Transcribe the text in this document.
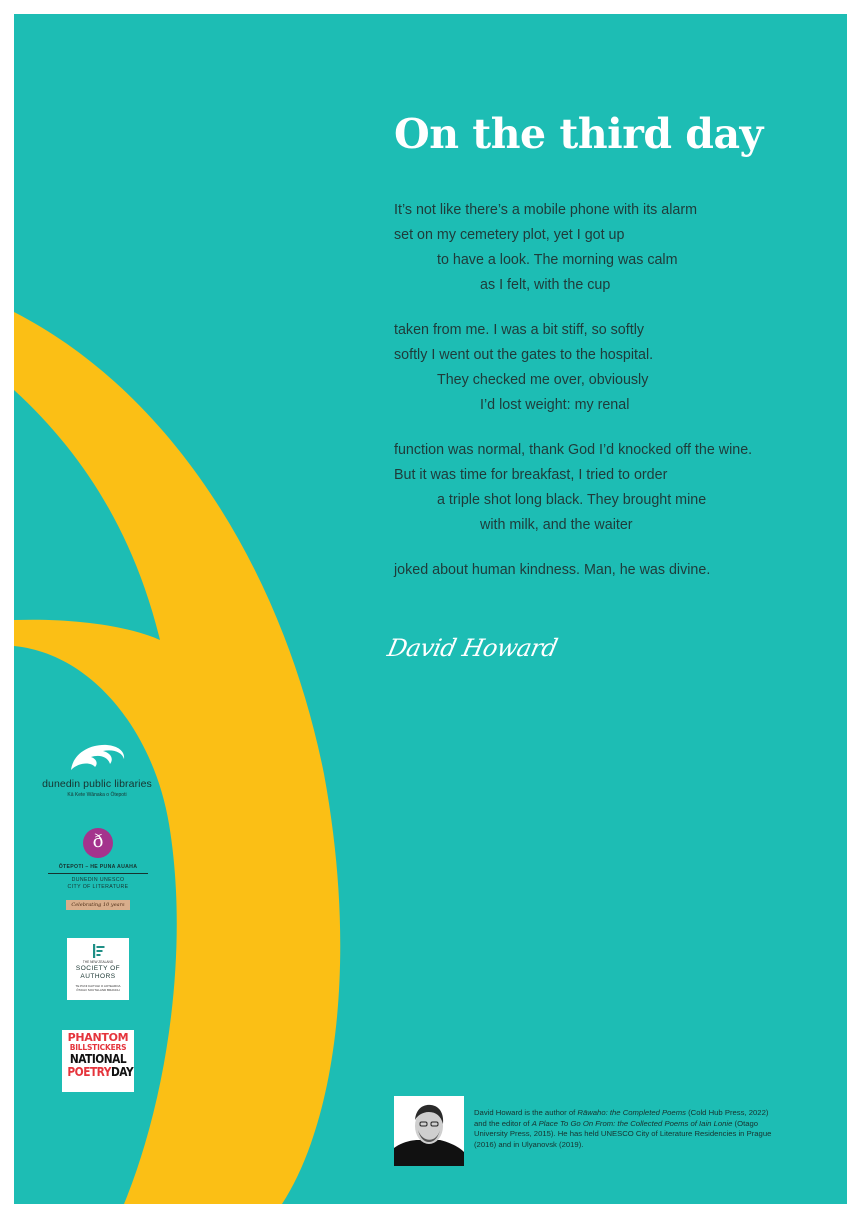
On the third day
It’s not like there’s a mobile phone with its alarm
set on my cemetery plot, yet I got up
to have a look. The morning was calm
as I felt, with the cup
taken from me. I was a bit stiff, so softly
softly I went out the gates to the hospital.
They checked me over, obviously
I’d lost weight: my renal
function was normal, thank God I’d knocked off the wine.
But it was time for breakfast, I tried to order
a triple shot long black. They brought mine
with milk, and the waiter
joked about human kindness. Man, he was divine.
David Howard
dunedin public libraries
Kā Kete Wānaka o Ōtepoti
ð
ŌTEPOTI – HE PUNA AUAHA
DUNEDIN UNESCO
CITY OF LITERATURE
Celebrating 10 years
THE NEW ZEALAND
SOCIETY OF
AUTHORS
TE PUNI KAITUHI O AOTEAROA
ŌTAGO SOUTHLAND BRANCH
PHANTOM
BILLSTICKERS
NATIONAL
POETRYDAY
David Howard is the author of Rāwaho: the Completed Poems (Cold Hub Press, 2022) and the editor of A Place To Go On From: the Collected Poems of Iain Lonie (Otago University Press, 2015). He has held UNESCO City of Literature Residencies in Prague (2016) and in Ulyanovsk (2019).
